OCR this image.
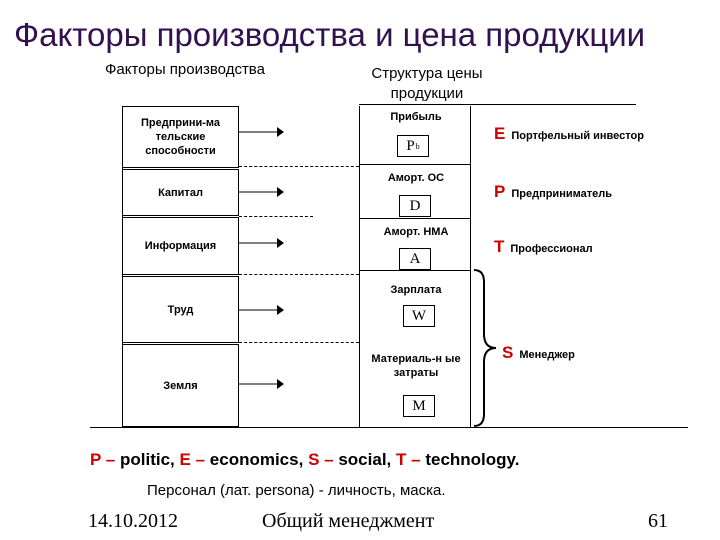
Факторы производства и цена продукции
Факторы производства	Структура цены продукции
Предприни-ма тельские способности
Капитал
Информация
Труд
Земля
Прибыль
P b
Аморт. ОС
D
Аморт. НМА
A
Зарплата
W
Материаль-н ые затраты
M
E Портфельный инвестор
P Предприниматель
T Профессионал
S Менеджер
P – politic, E – economics, S – social, T – technology.
Персонал (лат. persona) - личность, маска.
14.10.2012	Общий менеджмент	61
